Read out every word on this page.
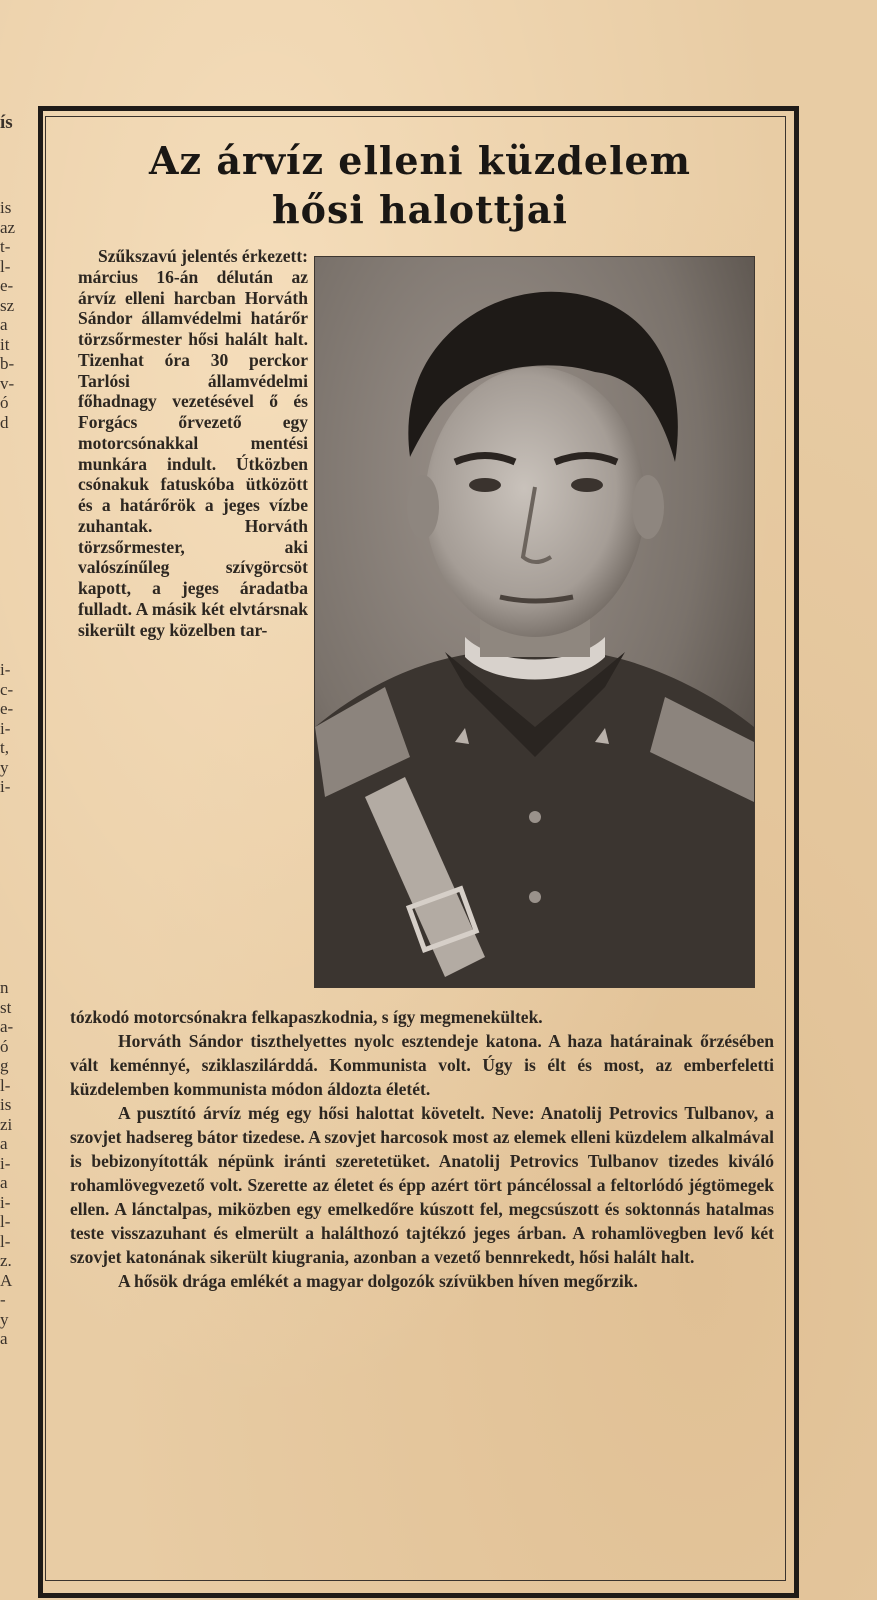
ís
is
az
t-
l-
e-
sz
a
it
b-
v-
ó
d
i-
c-
e-
i-
t,
y
i-
n
st
a-
ó
g
l-
is
zi
a
i-
a
i-
l-
l-
z.
A
-
y
a
Az árvíz elleni küzdelem
hősi halottjai

Szűkszavú jelentés érkezett: március 16-án délután az árvíz elleni harcban Horváth Sándor államvédelmi határőr törzsőrmester hősi halált halt. Tizenhat óra 30 perckor Tarlósi államvédelmi főhadnagy vezetésével ő és Forgács őrvezető egy motorcsónakkal mentési munkára indult. Útközben csónakuk fatuskóba ütközött és a határőrök a jeges vízbe zuhantak. Horváth törzsőrmester, aki valószínűleg szívgörcsöt kapott, a jeges áradatba fulladt. A másik két elvtársnak sikerült egy közelben tar-

tózkodó motorcsónakra felkapaszkodnia, s így megmenekültek.

Horváth Sándor tiszthelyettes nyolc esztendeje katona. A haza határainak őrzésében vált keménnyé, sziklaszilárddá. Kommunista volt. Úgy is élt és most, az emberfeletti küzdelemben kommunista módon áldozta életét.

A pusztító árvíz még egy hősi halottat követelt. Neve: Anatolij Petrovics Tulbanov, a szovjet hadsereg bátor tizedese. A szovjet harcosok most az elemek elleni küzdelem alkalmával is bebizonyították népünk iránti szeretetüket. Anatolij Petrovics Tulbanov tizedes kiváló rohamlövegvezető volt. Szerette az életet és épp azért tört páncélossal a feltorlódó jégtömegek ellen. A lánctalpas, miközben egy emelkedőre kúszott fel, megcsúszott és soktonnás hatalmas teste visszazuhant és elmerült a halálthozó tajtékzó jeges árban. A rohamlövegben levő két szovjet katonának sikerült kiugrania, azonban a vezető bennrekedt, hősi halált halt.

A hősök drága emlékét a magyar dolgozók szívükben híven megőrzik.
